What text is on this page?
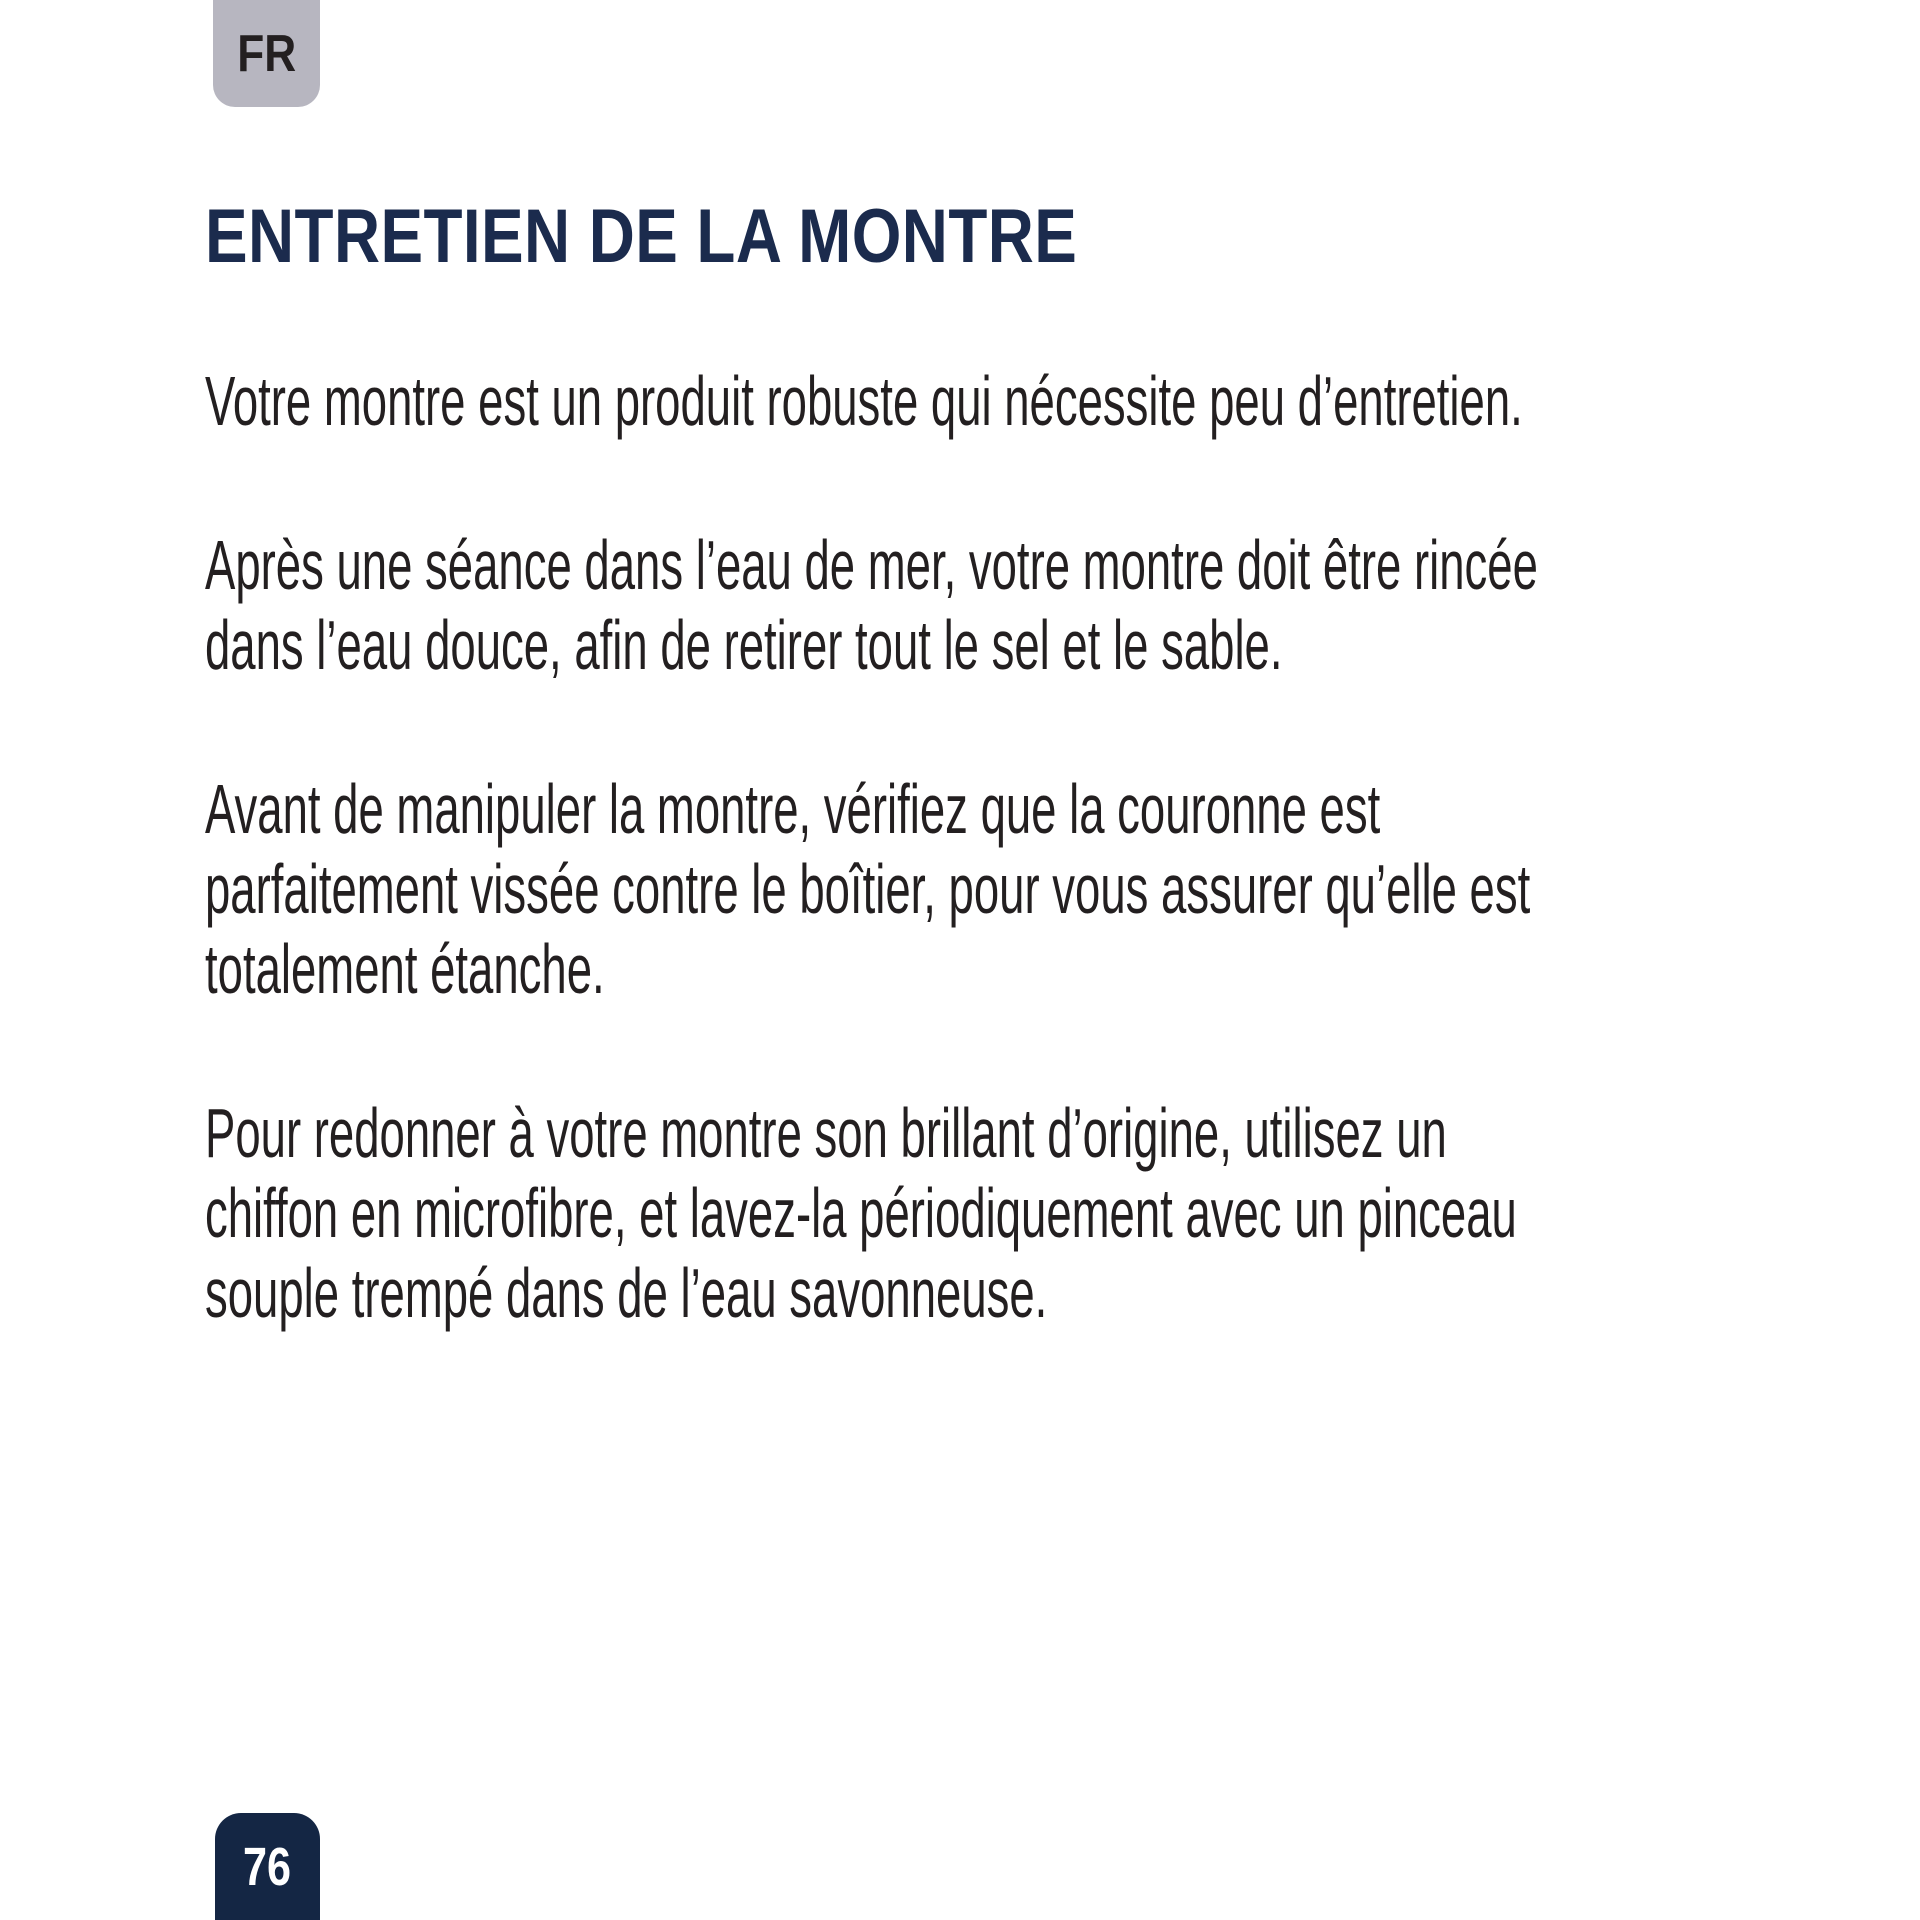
FR
ENTRETIEN DE LA MONTRE
Votre montre est un produit robuste qui nécessite peu d’entretien.
Après une séance dans l’eau de mer, votre montre doit être rincée
dans l’eau douce, afin de retirer tout le sel et le sable.
Avant de manipuler la montre, vérifiez que la couronne est
parfaitement vissée contre le boîtier, pour vous assurer qu’elle est
totalement étanche.
Pour redonner à votre montre son brillant d’origine, utilisez un
chiffon en microfibre, et lavez-la périodiquement avec un pinceau
souple trempé dans de l’eau savonneuse.
76
